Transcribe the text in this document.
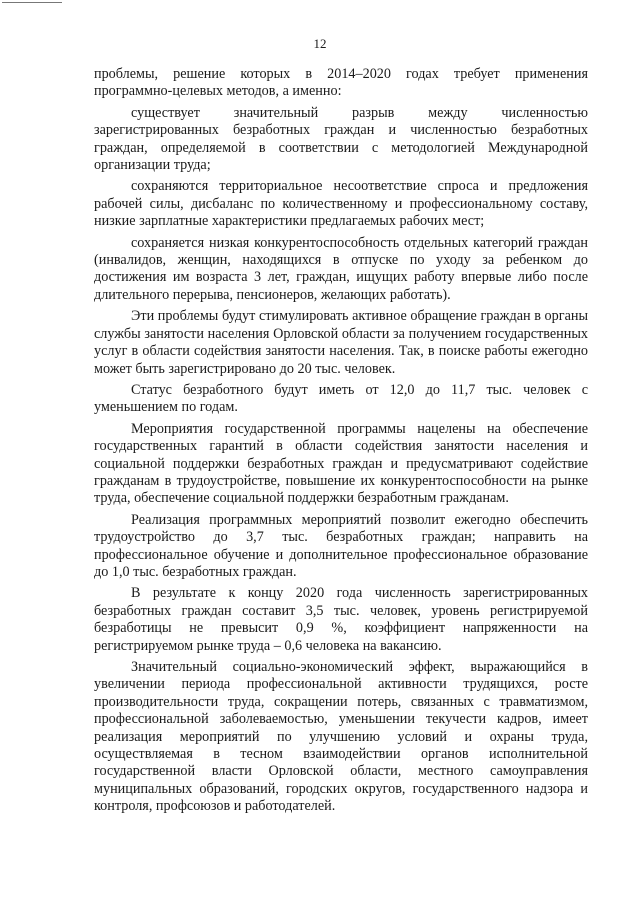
12

проблемы, решение которых в 2014–2020 годах требует применения программно-целевых методов, а именно:

существует значительный разрыв между численностью зарегистрированных безработных граждан и численностью безработных граждан, определяемой в соответствии с методологией Международной организации труда;

сохраняются территориальное несоответствие спроса и предложения рабочей силы, дисбаланс по количественному и профессиональному составу, низкие зарплатные характеристики предлагаемых рабочих мест;

сохраняется низкая конкурентоспособность отдельных категорий граждан (инвалидов, женщин, находящихся в отпуске по уходу за ребенком до достижения им возраста 3 лет, граждан, ищущих работу впервые либо после длительного перерыва, пенсионеров, желающих работать).

Эти проблемы будут стимулировать активное обращение граждан в органы службы занятости населения Орловской области за получением государственных услуг в области содействия занятости населения. Так, в поиске работы ежегодно может быть зарегистрировано до 20 тыс. человек.

Статус безработного будут иметь от 12,0 до 11,7 тыс. человек с уменьшением по годам.

Мероприятия государственной программы нацелены на обеспечение государственных гарантий в области содействия занятости населения и социальной поддержки безработных граждан и предусматривают содействие гражданам в трудоустройстве, повышение их конкурентоспособности на рынке труда, обеспечение социальной поддержки безработным гражданам.

Реализация программных мероприятий позволит ежегодно обеспечить трудоустройство до 3,7 тыс. безработных граждан; направить на профессиональное обучение и дополнительное профессиональное образование до 1,0 тыс. безработных граждан.

В результате к концу 2020 года численность зарегистрированных безработных граждан составит 3,5 тыс. человек, уровень регистрируемой безработицы не превысит 0,9 %, коэффициент напряженности на регистрируемом рынке труда – 0,6 человека на вакансию.

Значительный социально-экономический эффект, выражающийся в увеличении периода профессиональной активности трудящихся, росте производительности труда, сокращении потерь, связанных с травматизмом, профессиональной заболеваемостью, уменьшении текучести кадров, имеет реализация мероприятий по улучшению условий и охраны труда, осуществляемая в тесном взаимодействии органов исполнительной государственной власти Орловской области, местного самоуправления муниципальных образований, городских округов, государственного надзора и контроля, профсоюзов и работодателей.
